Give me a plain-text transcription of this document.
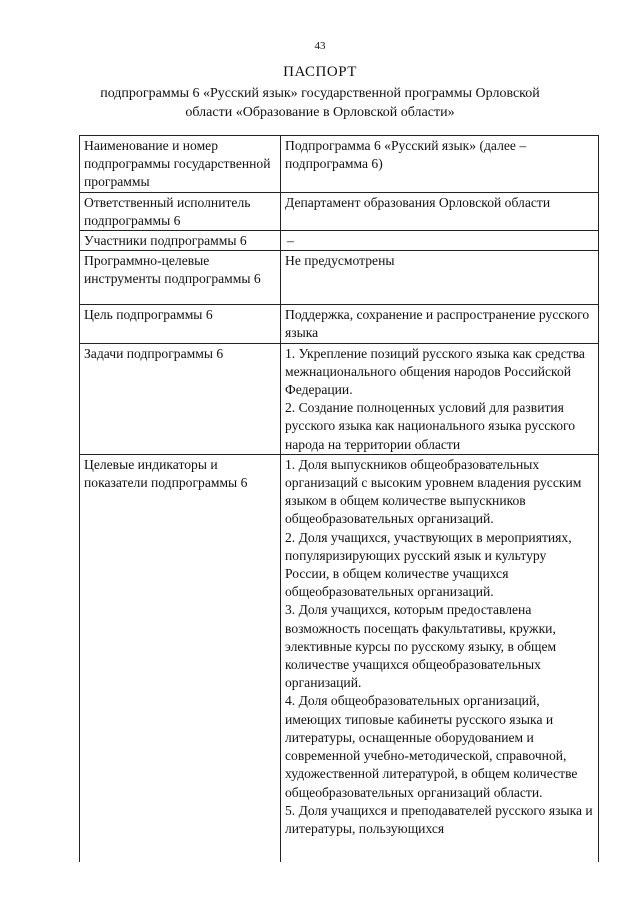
43
ПАСПОРТ
подпрограммы 6 «Русский язык» государственной программы Орловской области «Образование в Орловской области»
Наименование и номер подпрограммы государственной программы	Подпрограмма 6 «Русский язык» (далее – подпрограмма 6)

Ответственный исполнитель подпрограммы 6	Департамент образования Орловской области

Участники подпрограммы 6	–
Программно-целевые инструменты подпрограммы 6	Не предусмотрены

Цель подпрограммы 6	Поддержка, сохранение и распространение русского языка

Задачи подпрограммы 6	1. Укрепление позиций русского языка как средства межнационального общения народов Российской Федерации.
2. Создание полноценных условий для развития русского языка как национального языка русского народа на территории области

Целевые индикаторы и показатели подпрограммы 6	1. Доля выпускников общеобразовательных организаций с высоким уровнем владения русским языком в общем количестве выпускников общеобразовательных организаций.
2. Доля учащихся, участвующих в мероприятиях, популяризирующих русский язык и культуру России, в общем количестве учащихся общеобразовательных организаций.
3. Доля учащихся, которым предоставлена возможность посещать факультативы, кружки, элективные курсы по русскому языку, в общем количестве учащихся общеобразовательных организаций.
4. Доля общеобразовательных организаций, имеющих типовые кабинеты русского языка и литературы, оснащенные оборудованием и современной учебно-методической, справочной, художественной литературой, в общем количестве общеобразовательных организаций области.
5. Доля учащихся и преподавателей русского языка и литературы, пользующихся
